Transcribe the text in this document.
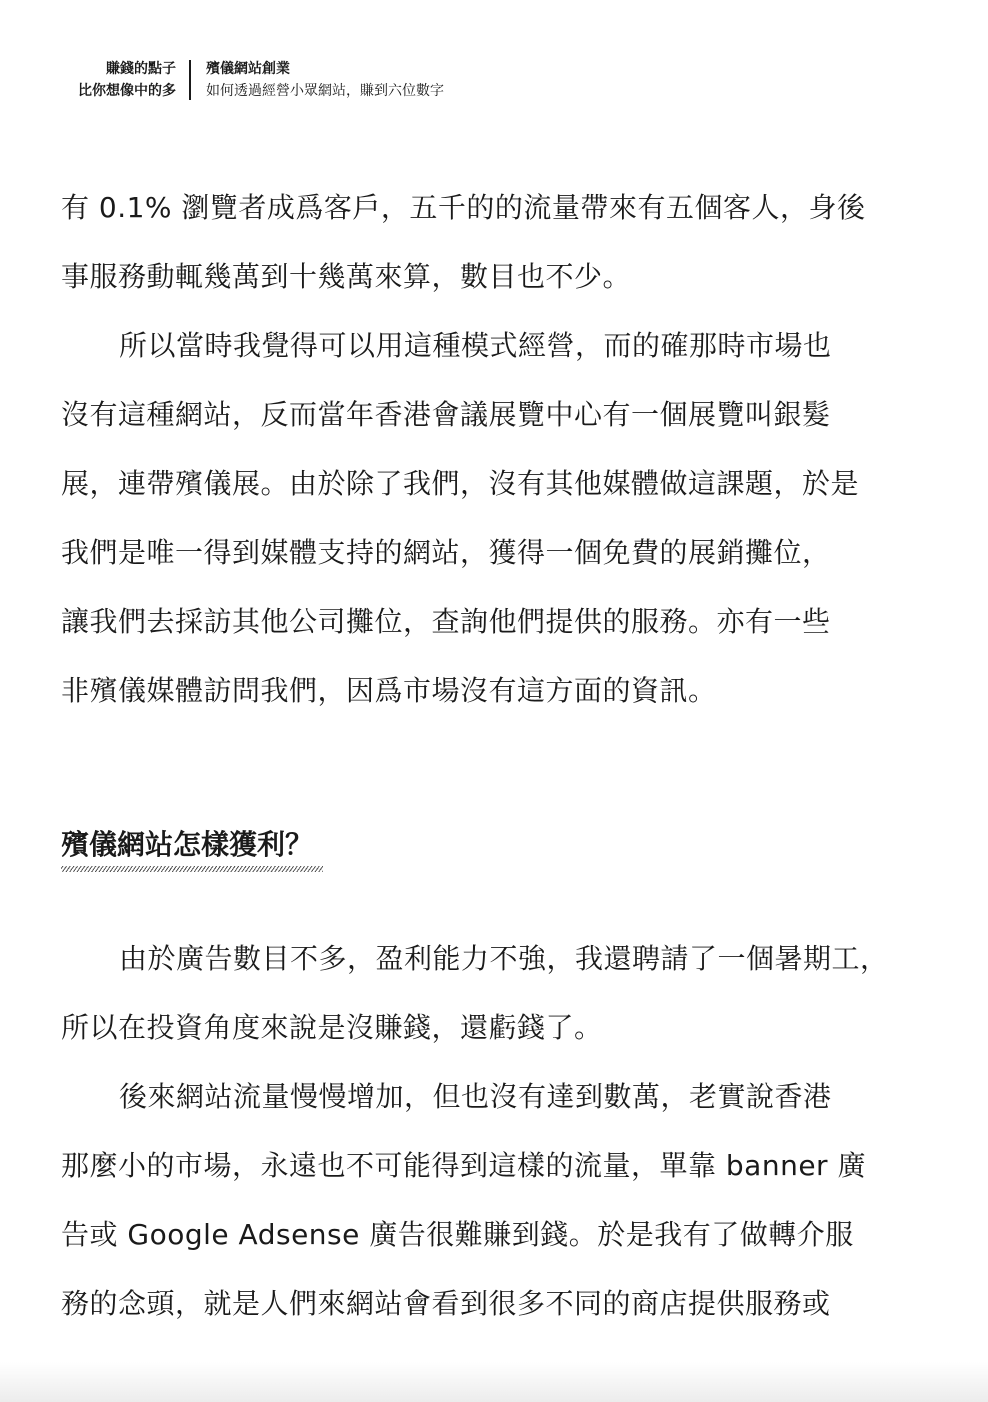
賺錢的點子
比你想像中的多
殯儀網站創業
如何透過經營小眾網站，賺到六位數字
有 0.1% 瀏覽者成爲客戶，五千的的流量帶來有五個客人，身後
事服務動輒幾萬到十幾萬來算，數目也不少。
所以當時我覺得可以用這種模式經營，而的確那時市場也
沒有這種網站，反而當年香港會議展覽中心有一個展覽叫銀髮
展，連帶殯儀展。由於除了我們，沒有其他媒體做這課題，於是
我們是唯一得到媒體支持的網站，獲得一個免費的展銷攤位，
讓我們去採訪其他公司攤位，查詢他們提供的服務。亦有一些
非殯儀媒體訪問我們，因爲市場沒有這方面的資訊。
殯儀網站怎樣獲利？
由於廣告數目不多，盈利能力不強，我還聘請了一個暑期工，
所以在投資角度來說是沒賺錢，還虧錢了。
後來網站流量慢慢增加，但也沒有達到數萬，老實說香港
那麼小的市場，永遠也不可能得到這樣的流量，單靠 banner 廣
告或 Google Adsense 廣告很難賺到錢。於是我有了做轉介服
務的念頭，就是人們來網站會看到很多不同的商店提供服務或
